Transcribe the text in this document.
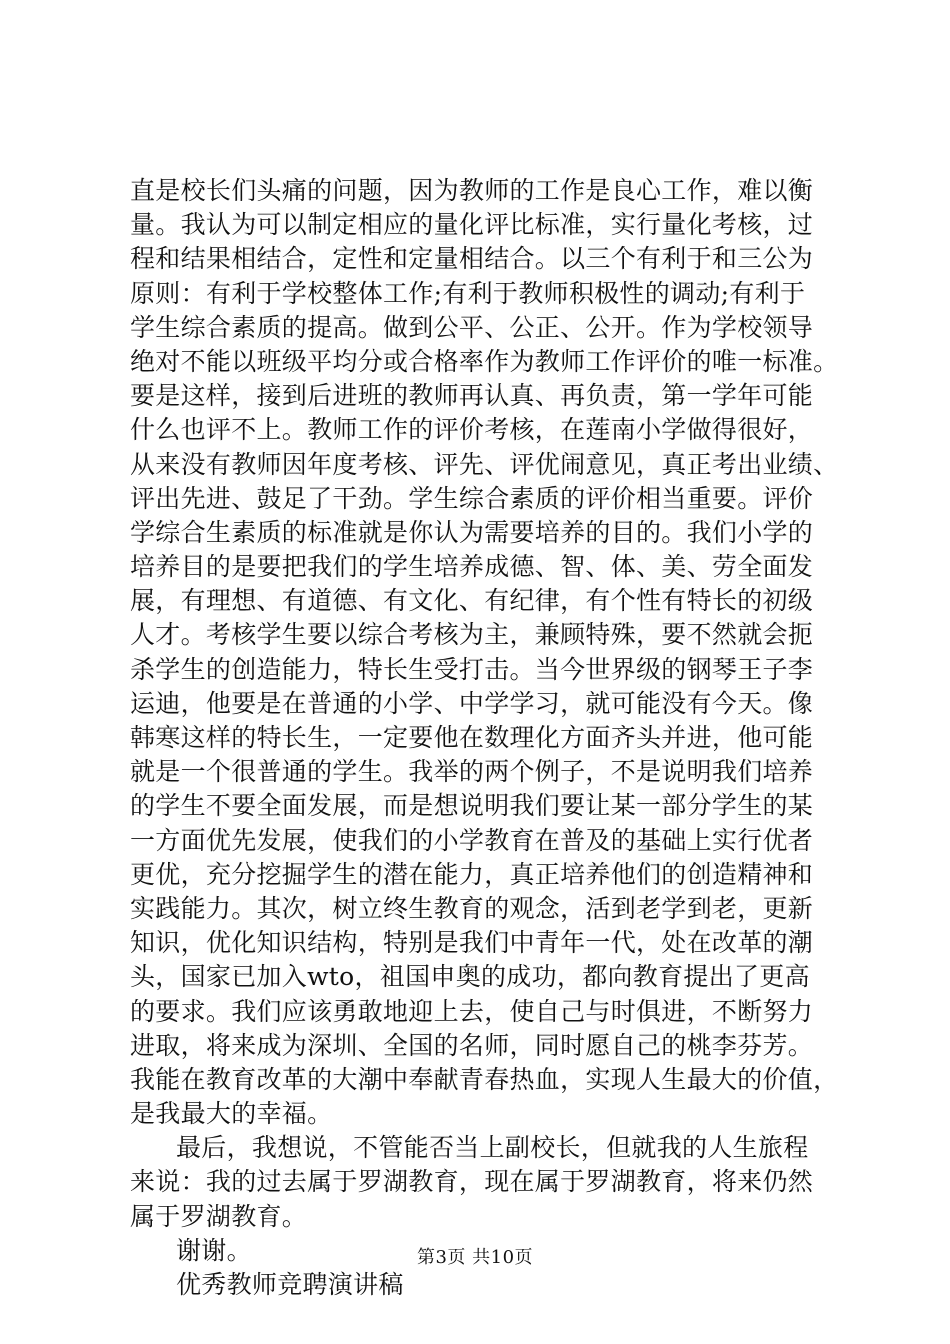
直是校长们头痛的问题，因为教师的工作是良心工作，难以衡
量。我认为可以制定相应的量化评比标准，实行量化考核，过
程和结果相结合，定性和定量相结合。以三个有利于和三公为
原则：有利于学校整体工作;有利于教师积极性的调动;有利于
学生综合素质的提高。做到公平、公正、公开。作为学校领导
绝对不能以班级平均分或合格率作为教师工作评价的唯一标准。
要是这样，接到后进班的教师再认真、再负责，第一学年可能
什么也评不上。教师工作的评价考核，在莲南小学做得很好，
从来没有教师因年度考核、评先、评优闹意见，真正考出业绩、
评出先进、鼓足了干劲。学生综合素质的评价相当重要。评价
学综合生素质的标准就是你认为需要培养的目的。我们小学的
培养目的是要把我们的学生培养成德、智、体、美、劳全面发
展，有理想、有道德、有文化、有纪律，有个性有特长的初级
人才。考核学生要以综合考核为主，兼顾特殊，要不然就会扼
杀学生的创造能力，特长生受打击。当今世界级的钢琴王子李
运迪，他要是在普通的小学、中学学习，就可能没有今天。像
韩寒这样的特长生，一定要他在数理化方面齐头并进，他可能
就是一个很普通的学生。我举的两个例子，不是说明我们培养
的学生不要全面发展，而是想说明我们要让某一部分学生的某
一方面优先发展，使我们的小学教育在普及的基础上实行优者
更优，充分挖掘学生的潜在能力，真正培养他们的创造精神和
实践能力。其次，树立终生教育的观念，活到老学到老，更新
知识，优化知识结构，特别是我们中青年一代，处在改革的潮
头，国家已加入wto，祖国申奥的成功，都向教育提出了更高
的要求。我们应该勇敢地迎上去，使自己与时俱进，不断努力
进取，将来成为深圳、全国的名师，同时愿自己的桃李芬芳。
我能在教育改革的大潮中奉献青春热血，实现人生最大的价值，
是我最大的幸福。
最后，我想说，不管能否当上副校长，但就我的人生旅程
来说：我的过去属于罗湖教育，现在属于罗湖教育，将来仍然
属于罗湖教育。
谢谢。
优秀教师竞聘演讲稿
第3页 共10页
